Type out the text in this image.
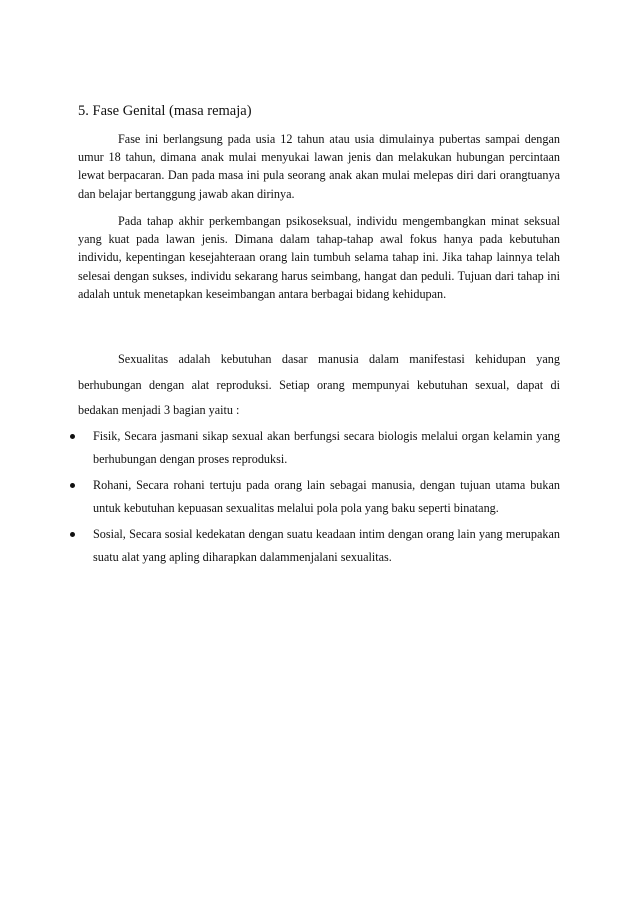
5. Fase Genital (masa remaja)

Fase ini berlangsung pada usia 12 tahun atau usia dimulainya pubertas sampai dengan umur 18 tahun, dimana anak mulai menyukai lawan jenis dan melakukan hubungan percintaan lewat berpacaran. Dan pada masa ini pula seorang anak akan mulai melepas diri dari orangtuanya dan belajar bertanggung jawab akan dirinya.

Pada tahap akhir perkembangan psikoseksual, individu mengembangkan minat seksual yang kuat pada lawan jenis. Dimana dalam tahap-tahap awal fokus hanya pada kebutuhan individu, kepentingan kesejahteraan orang lain tumbuh selama tahap ini. Jika tahap lainnya telah selesai dengan sukses, individu sekarang harus seimbang, hangat dan peduli. Tujuan dari tahap ini adalah untuk menetapkan keseimbangan antara berbagai bidang kehidupan.

Sexualitas adalah kebutuhan dasar manusia dalam manifestasi kehidupan yang berhubungan dengan alat reproduksi. Setiap orang mempunyai kebutuhan sexual, dapat di bedakan menjadi 3 bagian yaitu :

Fisik, Secara jasmani sikap sexual akan berfungsi secara biologis melalui organ kelamin yang berhubungan dengan proses reproduksi.
Rohani, Secara rohani tertuju pada orang lain sebagai manusia, dengan tujuan utama bukan untuk kebutuhan kepuasan sexualitas melalui pola pola yang baku seperti binatang.
Sosial, Secara sosial kedekatan dengan suatu keadaan intim dengan orang lain yang merupakan suatu alat yang apling diharapkan dalammenjalani sexualitas.
